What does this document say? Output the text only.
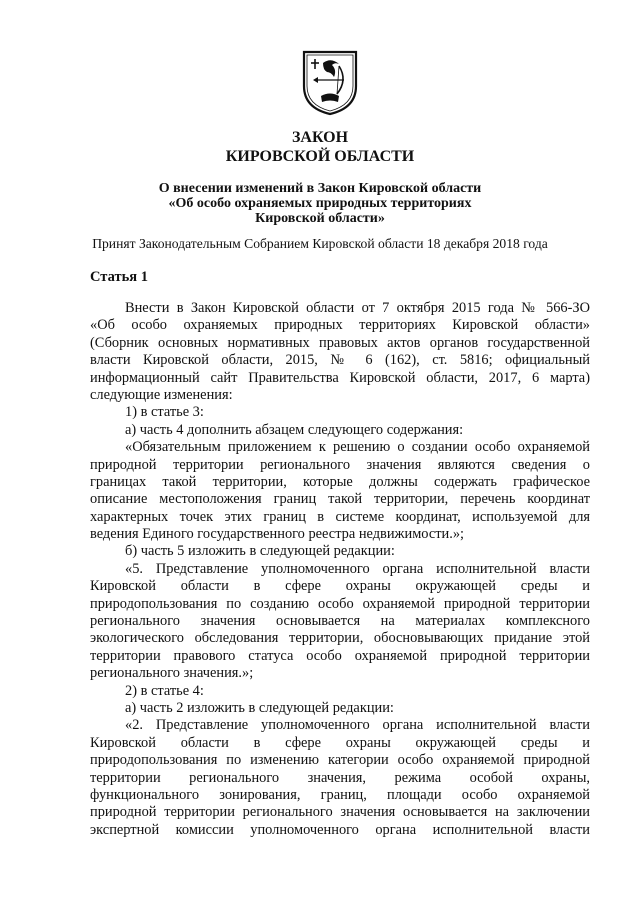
ЗАКОН
КИРОВСКОЙ ОБЛАСТИ
О внесении изменений в Закон Кировской области
«Об особо охраняемых природных территориях
Кировской области»
Принят Законодательным Собранием Кировской области 18 декабря 2018 года
Статья 1
Внести в Закон Кировской области от 7 октября 2015 года № 566-ЗО
«Об особо охраняемых природных территориях Кировской области»
(Сборник основных нормативных правовых актов органов государственной
власти Кировской области, 2015, № 6 (162), ст. 5816; официальный
информационный сайт Правительства Кировской области, 2017, 6 марта)
следующие изменения:
1) в статье 3:
а) часть 4 дополнить абзацем следующего содержания:
«Обязательным приложением к решению о создании особо охраняемой
природной территории регионального значения являются сведения о
границах такой территории, которые должны содержать графическое
описание местоположения границ такой территории, перечень координат
характерных точек этих границ в системе координат, используемой для
ведения Единого государственного реестра недвижимости.»;
б) часть 5 изложить в следующей редакции:
«5. Представление уполномоченного органа исполнительной власти
Кировской области в сфере охраны окружающей среды и
природопользования по созданию особо охраняемой природной территории
регионального значения основывается на материалах комплексного
экологического обследования территории, обосновывающих придание этой
территории правового статуса особо охраняемой природной территории
регионального значения.»;
2) в статье 4:
а) часть 2 изложить в следующей редакции:
«2. Представление уполномоченного органа исполнительной власти
Кировской области в сфере охраны окружающей среды и
природопользования по изменению категории особо охраняемой природной
территории регионального значения, режима особой охраны,
функционального зонирования, границ, площади особо охраняемой
природной территории регионального значения основывается на заключении
экспертной комиссии уполномоченного органа исполнительной власти
